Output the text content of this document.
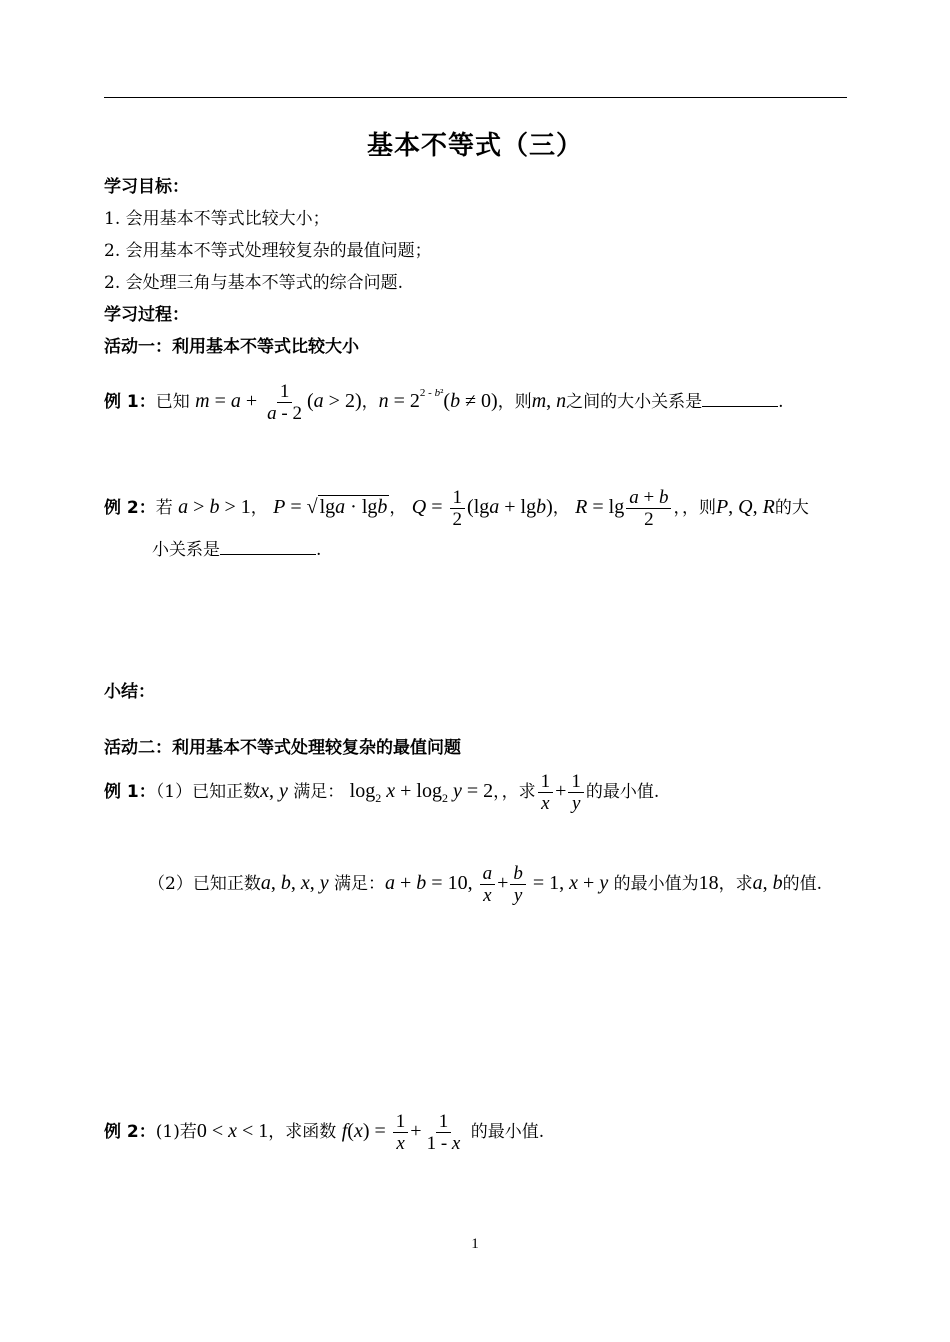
基本不等式（三）
学习目标：
1. 会用基本不等式比较大小；
2. 会用基本不等式处理较复杂的最值问题；
2. 会处理三角与基本不等式的综合问题.
学习过程：
活动一：利用基本不等式比较大小
例 1：已知 $m = a + \frac{1}{a - 2} (a > 2)$，$n = 2^{2 - b^2}(b \ne 0)$，则m, n之间的大小关系是	.
例 2：若 a > b > 1， P = √ lga · lgb ， $Q = \frac{1}{2} (\lg a + \lg b)$， $R = \lg \frac{a + b}{2}$ ，，则P, Q, R的大
小关系是	.
小结：
活动二：利用基本不等式处理较复杂的最值问题
例 1：（1）已知正数x, y 满足： $\log_2 x + \log_2 y = 2$，，求 $\frac{1}{x} + \frac{1}{y}$ 的最小值.
（2）已知正数a, b, x, y 满足：a + b = 10, $\frac{a}{x} + \frac{b}{y} = 1$, x + y 的最小值为18，求a, b的值.
例 2：(1)若0 < x < 1，求函数 $f(x) = \frac{1}{x} + \frac{1}{1 - x}$ 的最小值.
1
